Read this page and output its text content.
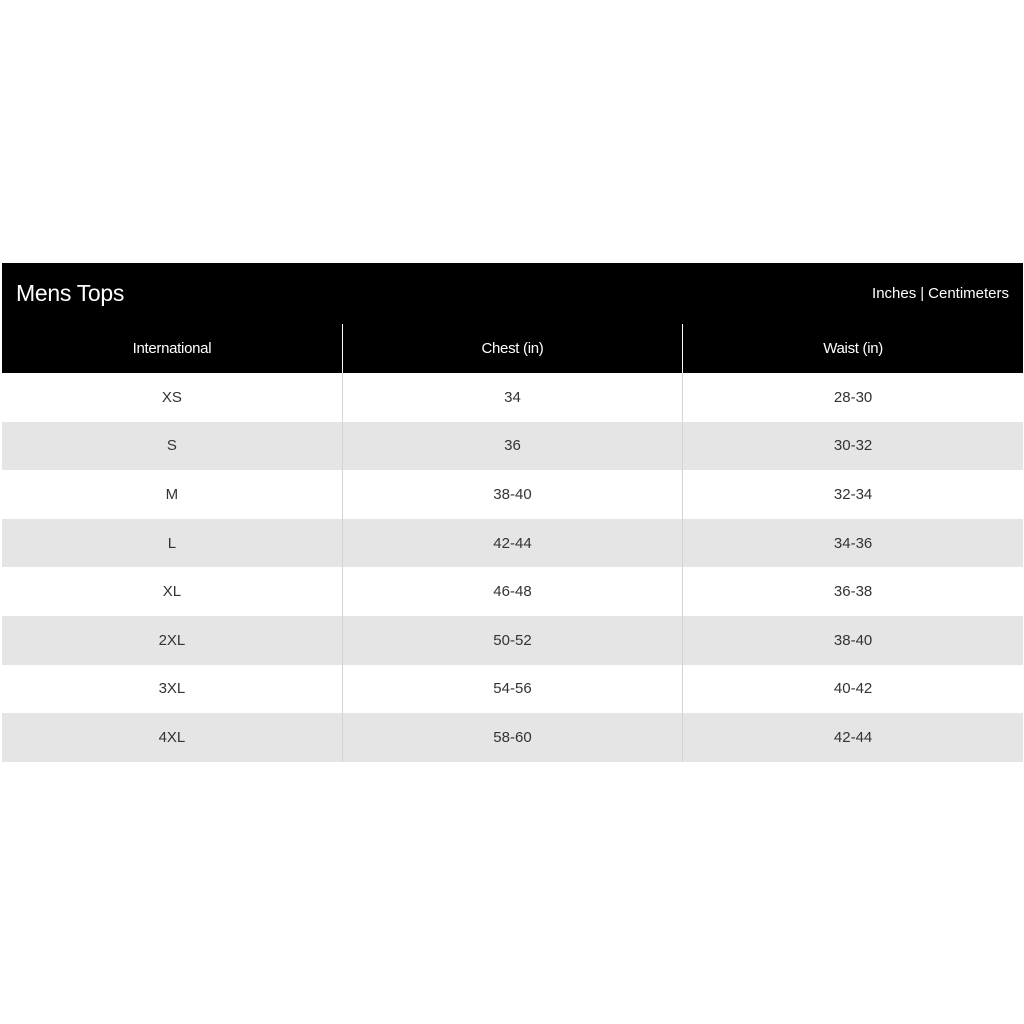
Mens Tops	Inches | Centimeters
International	Chest (in)	Waist (in)
XS	34	28-30
S	36	30-32
M	38-40	32-34
L	42-44	34-36
XL	46-48	36-38
2XL	50-52	38-40
3XL	54-56	40-42
4XL	58-60	42-44
